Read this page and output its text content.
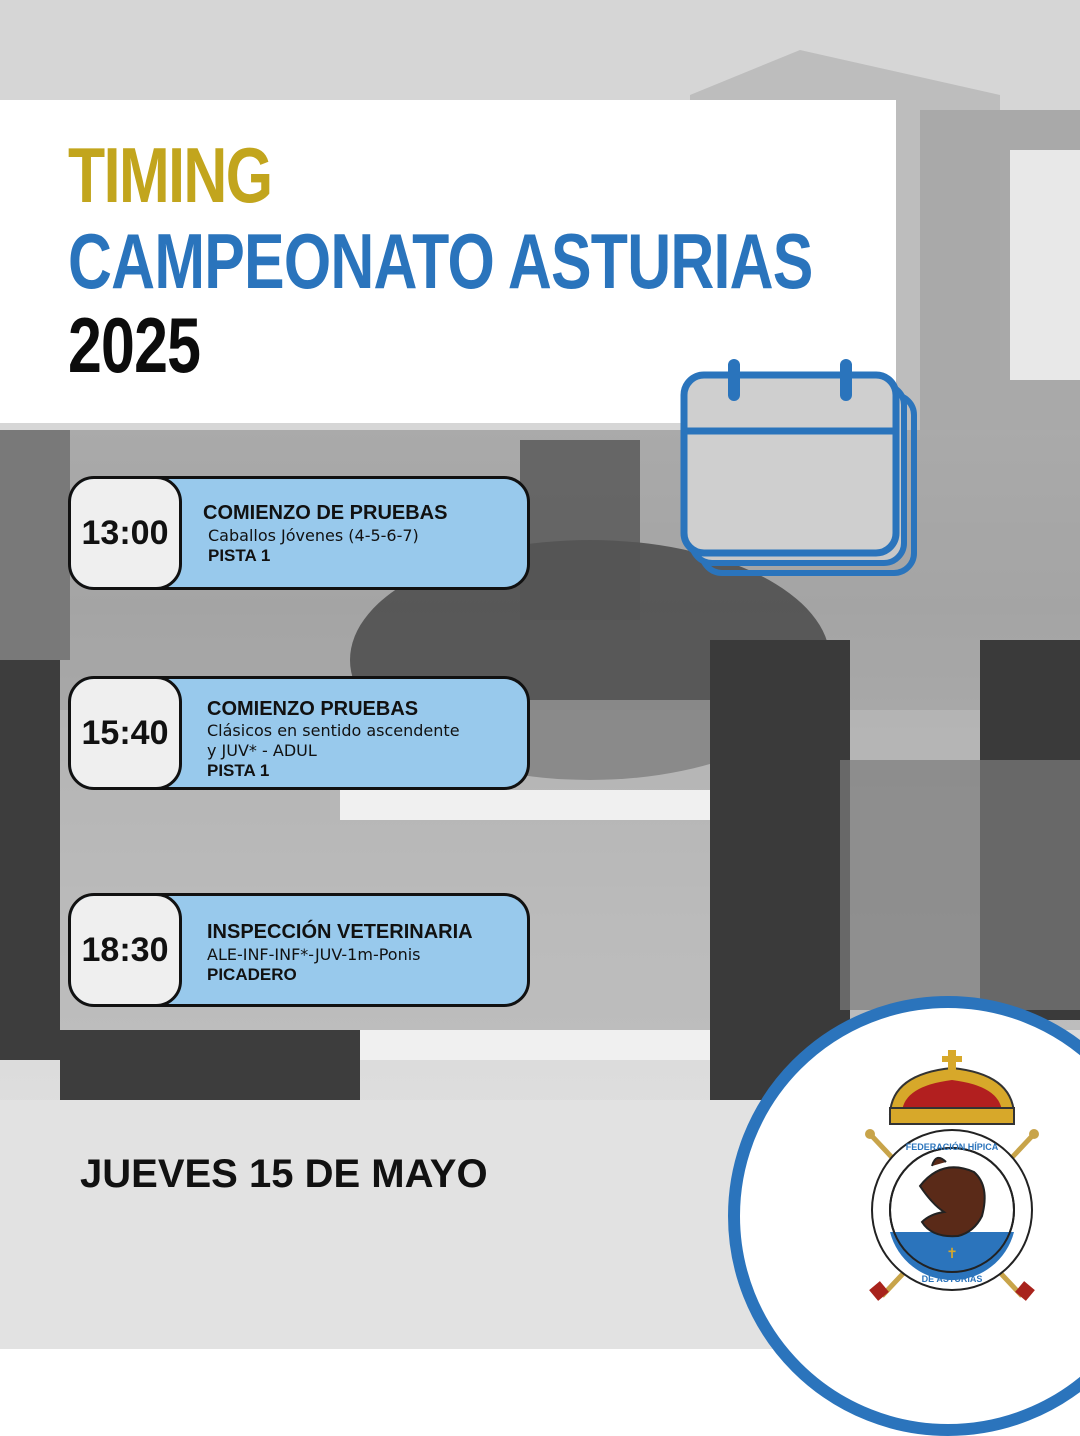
TIMING
CAMPEONATO ASTURIAS
2025
13:00
COMIENZO DE PRUEBAS
Caballos Jóvenes (4-5-6-7)
PISTA 1
15:40
COMIENZO PRUEBAS
Clásicos en sentido ascendente y JUV* - ADUL
PISTA 1
18:30 INSPECCIÓN VETERINARIA
ALE-INF-INF*-JUV-1m-Ponis
PICADERO
JUEVES 15 DE MAYO
FEDERACIÓN HÍPICA
DE ASTURIAS
✝
